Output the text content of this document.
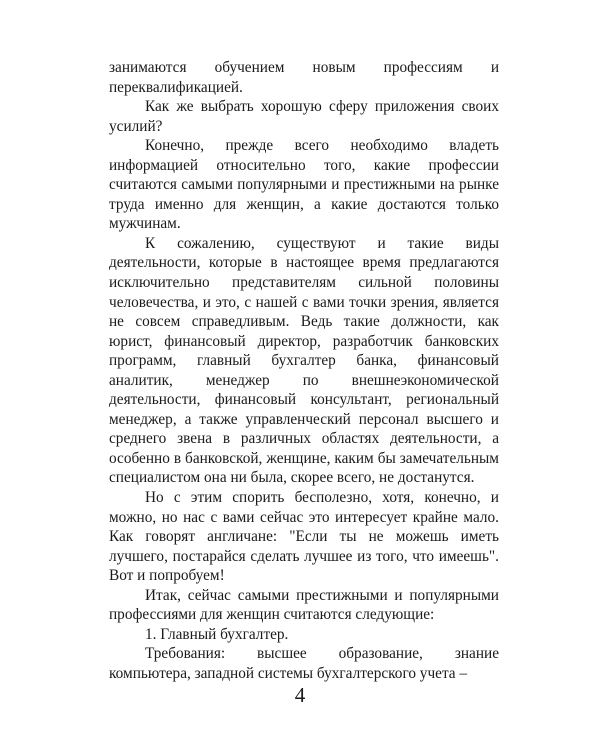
занимаются обучением новым профессиям и переквалификацией.

Как же выбрать хорошую сферу приложения своих усилий?

Конечно, прежде всего необходимо владеть информацией относительно того, какие профессии считаются самыми популярными и престижными на рынке труда именно для женщин, а какие достаются только мужчинам.

К сожалению, существуют и такие виды деятельности, которые в настоящее время предлагаются исключительно представителям сильной половины человечества, и это, с нашей с вами точки зрения, является не совсем справедливым. Ведь такие должности, как юрист, финансовый директор, разработчик банковских программ, главный бухгалтер банка, финансовый аналитик, менеджер по внешнеэкономической деятельности, финансовый консультант, региональный менеджер, а также управленческий персонал высшего и среднего звена в различных областях деятельности, а особенно в банковской, женщине, каким бы замечательным специалистом она ни была, скорее всего, не достанутся.

Но с этим спорить бесполезно, хотя, конечно, и можно, но нас с вами сейчас это интересует крайне мало. Как говорят англичане: "Если ты не можешь иметь лучшего, постарайся сделать лучшее из того, что имеешь". Вот и попробуем!

Итак, сейчас самыми престижными и популярными профессиями для женщин считаются следующие:

1. Главный бухгалтер.

Требования: высшее образование, знание компьютера, западной системы бухгалтерского учета –

4
